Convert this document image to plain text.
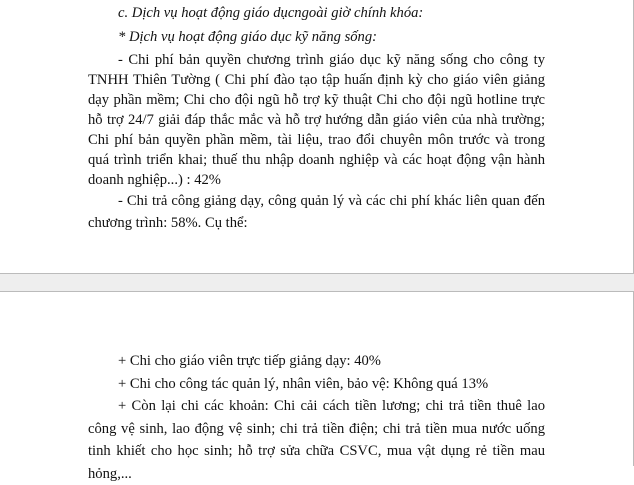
c. Dịch vụ hoạt động giáo dụcngoài giờ chính khóa:

* Dịch vụ hoạt động giáo dục kỹ năng sống:

- Chi phí bản quyền chương trình giáo dục kỹ năng sống cho công ty TNHH Thiên Tường ( Chi phí đào tạo tập huấn định kỳ cho giáo viên giảng dạy phần mềm; Chi cho đội ngũ hỗ trợ kỹ thuật Chi cho đội ngũ hotline trực hỗ trợ 24/7 giải đáp thắc mắc và hỗ trợ hướng dẫn giáo viên của nhà trường; Chi phí bản quyền phần mềm, tài liệu, trao đổi chuyên môn trước và trong quá trình triển khai; thuế thu nhập doanh nghiệp và các hoạt động vận hành doanh nghiệp...) : 42%

- Chi trả công giảng dạy, công quản lý và các chi phí khác liên quan đến chương trình: 58%. Cụ thể:

+ Chi cho giáo viên trực tiếp giảng dạy: 40%

+ Chi cho công tác quản lý, nhân viên, bảo vệ: Không quá 13%

+ Còn lại chi các khoản: Chi cải cách tiền lương; chi trả tiền thuê lao công vệ sinh, lao động vệ sinh; chi trả tiền điện; chi trả tiền mua nước uống tinh khiết cho học sinh; hỗ trợ sửa chữa CSVC, mua vật dụng rẻ tiền mau hỏng,...
